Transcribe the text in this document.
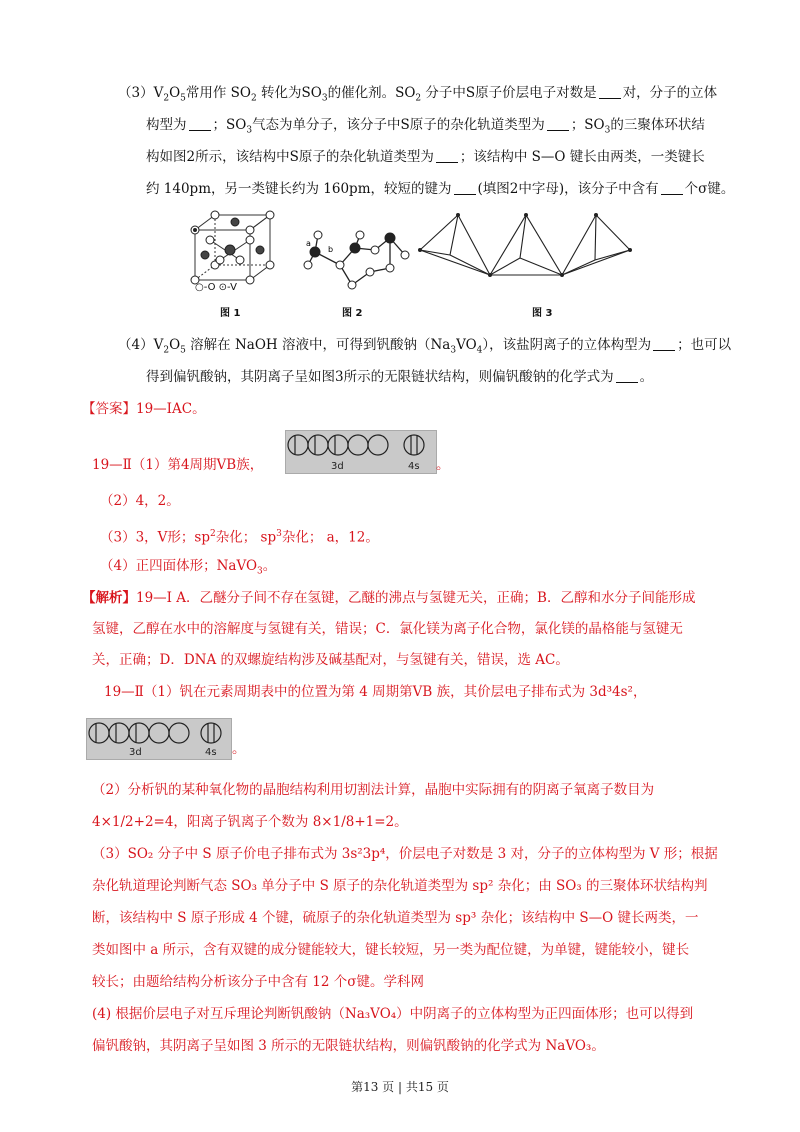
$(3)V_2O_5$常用作 $SO_2$ 转化为$SO_3$的催化剂。$SO_2$ 分子中S原子价层电子对数是 对，分子的立体
构型为 ；$SO_3$气态为单分子，该分子中S原子的杂化轨道类型为 ；$SO_3$的三聚体环状结
构如图2所示，该结构中S原子的杂化轨道类型为 ；该结构中 S—O 键长由两类，一类键长
约 140pm，另一类键长约为 160pm，较短的键为 (填图2中字母)，该分子中含有 个σ键。
a
b
○-O ⊙-V
图 1	图 2	图 3
$(4)V_2O_5$ 溶解在 NaOH 溶液中，可得到钒酸钠$(Na_3VO_4)$，该盐阴离子的立体构型为 ；也可以
得到偏钒酸钠，其阴离子呈如图3所示的无限链状结构，则偏钒酸钠的化学式为 。
【答案】19—ⅠAC。
19—Ⅱ（1）第4周期ⅤB族，	3d	4s 。
（2）4，2。
（3）3，V形；$sp^2$杂化； $sp^3$杂化； a，12。
（4）正四面体形；NaVO$_3$。
【解析】19—Ⅰ A．乙醚分子间不存在氢键，乙醚的沸点与氢键无关，正确；B．乙醇和水分子间能形成
氢键，乙醇在水中的溶解度与氢键有关，错误；C．氯化镁为离子化合物，氯化镁的晶格能与氢键无
关，正确；D．DNA 的双螺旋结构涉及碱基配对，与氢键有关，错误，选 AC。
19—Ⅱ（1）钒在元素周期表中的位置为第 4 周期第ⅤB 族，其价层电子排布式为 3d³4s²，
3d	4s 。
（2）分析钒的某种氧化物的晶胞结构利用切割法计算，晶胞中实际拥有的阴离子氧离子数目为
4×1/2+2=4，阳离子钒离子个数为 8×1/8+1=2。
（3）SO₂ 分子中 S 原子价电子排布式为 3s²3p⁴，价层电子对数是 3 对，分子的立体构型为 V 形；根据
杂化轨道理论判断气态 SO₃ 单分子中 S 原子的杂化轨道类型为 sp² 杂化；由 SO₃ 的三聚体环状结构判
断，该结构中 S 原子形成 4 个键，硫原子的杂化轨道类型为 sp³ 杂化；该结构中 S—O 键长两类，一
类如图中 a 所示，含有双键的成分键能较大，键长较短，另一类为配位键，为单键，键能较小，键长
较长；由题给结构分析该分子中含有 12 个σ键。学科网
(4) 根据价层电子对互斥理论判断钒酸钠（Na₃VO₄）中阴离子的立体构型为正四面体形；也可以得到
偏钒酸钠，其阴离子呈如图 3 所示的无限链状结构，则偏钒酸钠的化学式为 NaVO₃。
第13 页 | 共15 页
